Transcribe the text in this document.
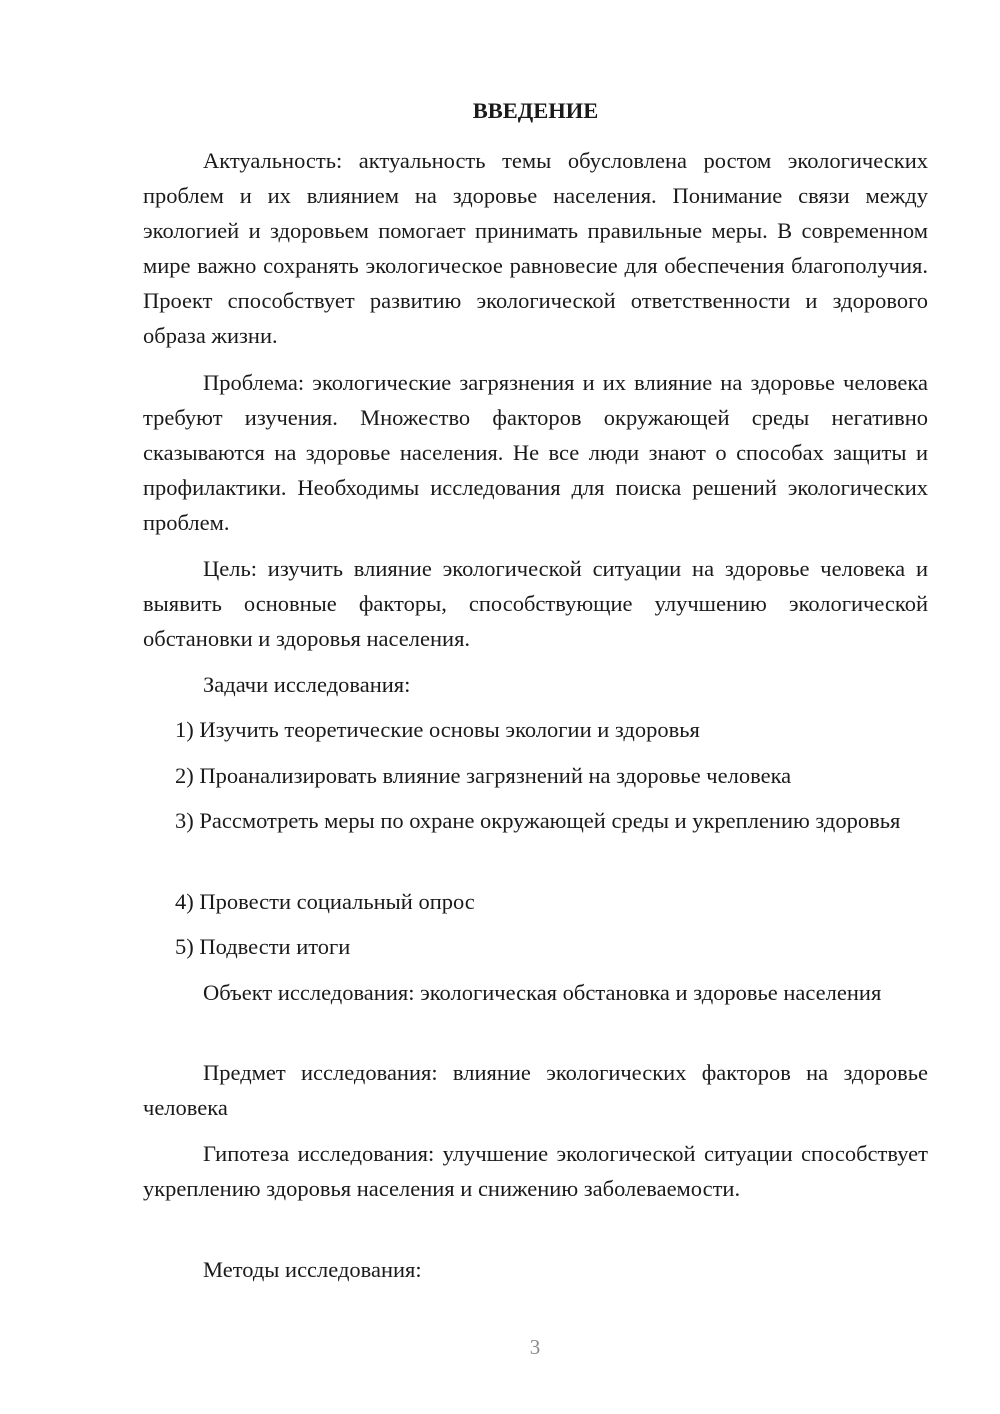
ВВЕДЕНИЕ

Актуальность: актуальность темы обусловлена ростом экологических проблем и их влиянием на здоровье населения. Понимание связи между экологией и здоровьем помогает принимать правильные меры. В современном мире важно сохранять экологическое равновесие для обеспечения благополучия. Проект способствует развитию экологической ответственности и здорового образа жизни.

Проблема: экологические загрязнения и их влияние на здоровье человека требуют изучения. Множество факторов окружающей среды негативно сказываются на здоровье населения. Не все люди знают о способах защиты и профилактики. Необходимы исследования для поиска решений экологических проблем.

Цель: изучить влияние экологической ситуации на здоровье человека и выявить основные факторы, способствующие улучшению экологической обстановки и здоровья населения.

Задачи исследования:

1) Изучить теоретические основы экологии и здоровья

2) Проанализировать влияние загрязнений на здоровье человека

3) Рассмотреть меры по охране окружающей среды и укреплению здоровья

4) Провести социальный опрос

5) Подвести итоги

Объект исследования: экологическая обстановка и здоровье населения

Предмет исследования: влияние экологических факторов на здоровье человека

Гипотеза исследования: улучшение экологической ситуации способствует укреплению здоровья населения и снижению заболеваемости.

Методы исследования:

3
